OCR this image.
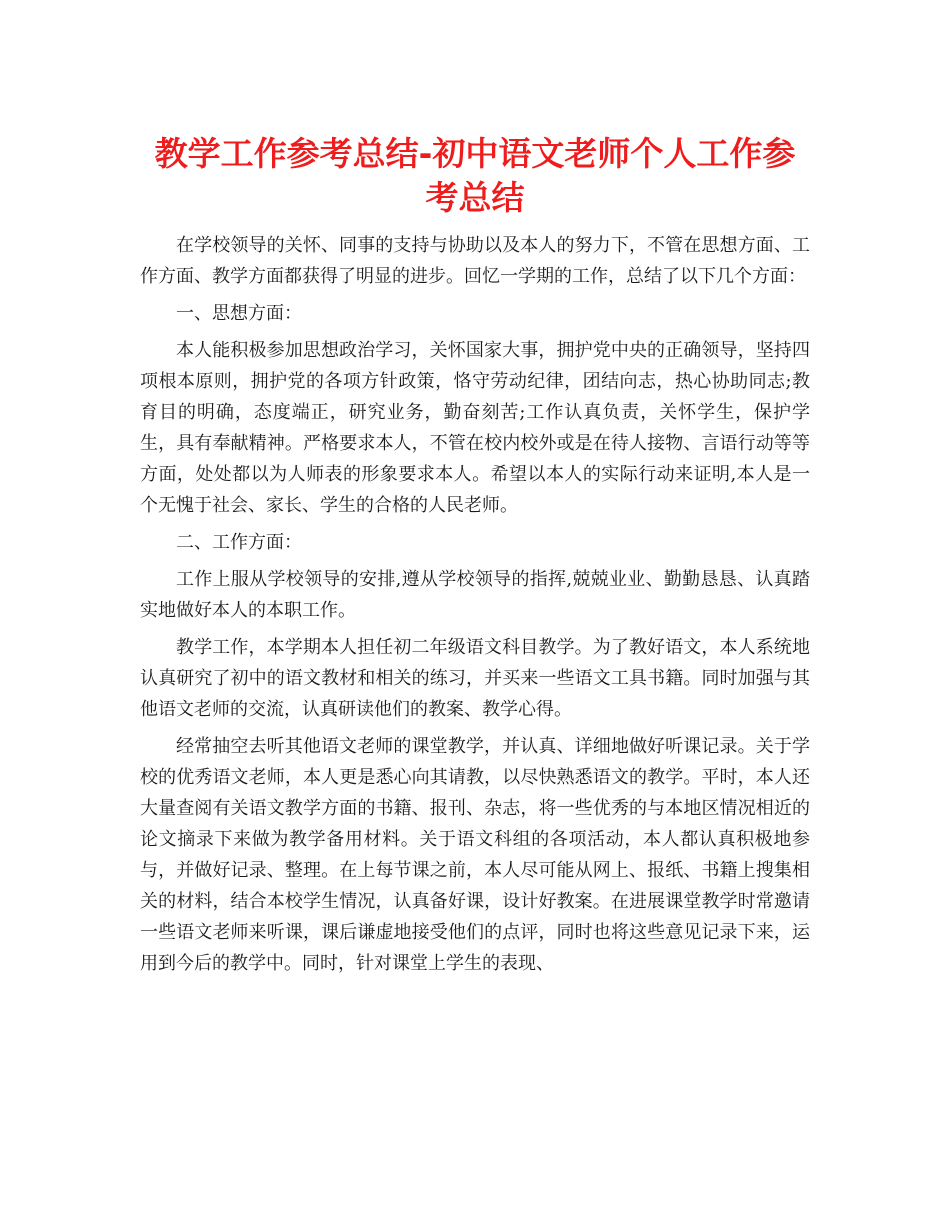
教学工作参考总结-初中语文老师个人工作参考总结

在学校领导的关怀、同事的支持与协助以及本人的努力下，不管在思想方面、工作方面、教学方面都获得了明显的进步。回忆一学期的工作，总结了以下几个方面：

一、思想方面：

本人能积极参加思想政治学习，关怀国家大事，拥护党中央的正确领导，坚持四项根本原则，拥护党的各项方针政策，恪守劳动纪律，团结向志，热心协助同志;教育目的明确，态度端正，研究业务，勤奋刻苦;工作认真负责，关怀学生，保护学生，具有奉献精神。严格要求本人，不管在校内校外或是在待人接物、言语行动等等方面，处处都以为人师表的形象要求本人。希望以本人的实际行动来证明,本人是一个无愧于社会、家长、学生的合格的人民老师。

二、工作方面：

工作上服从学校领导的安排,遵从学校领导的指挥,兢兢业业、勤勤恳恳、认真踏实地做好本人的本职工作。

教学工作，本学期本人担任初二年级语文科目教学。为了教好语文，本人系统地认真研究了初中的语文教材和相关的练习，并买来一些语文工具书籍。同时加强与其他语文老师的交流，认真研读他们的教案、教学心得。

经常抽空去听其他语文老师的课堂教学，并认真、详细地做好听课记录。关于学校的优秀语文老师，本人更是悉心向其请教，以尽快熟悉语文的教学。平时，本人还大量查阅有关语文教学方面的书籍、报刊、杂志，将一些优秀的与本地区情况相近的论文摘录下来做为教学备用材料。关于语文科组的各项活动，本人都认真积极地参与，并做好记录、整理。在上每节课之前，本人尽可能从网上、报纸、书籍上搜集相关的材料，结合本校学生情况，认真备好课，设计好教案。在进展课堂教学时常邀请一些语文老师来听课，课后谦虚地接受他们的点评，同时也将这些意见记录下来，运用到今后的教学中。同时，针对课堂上学生的表现、
